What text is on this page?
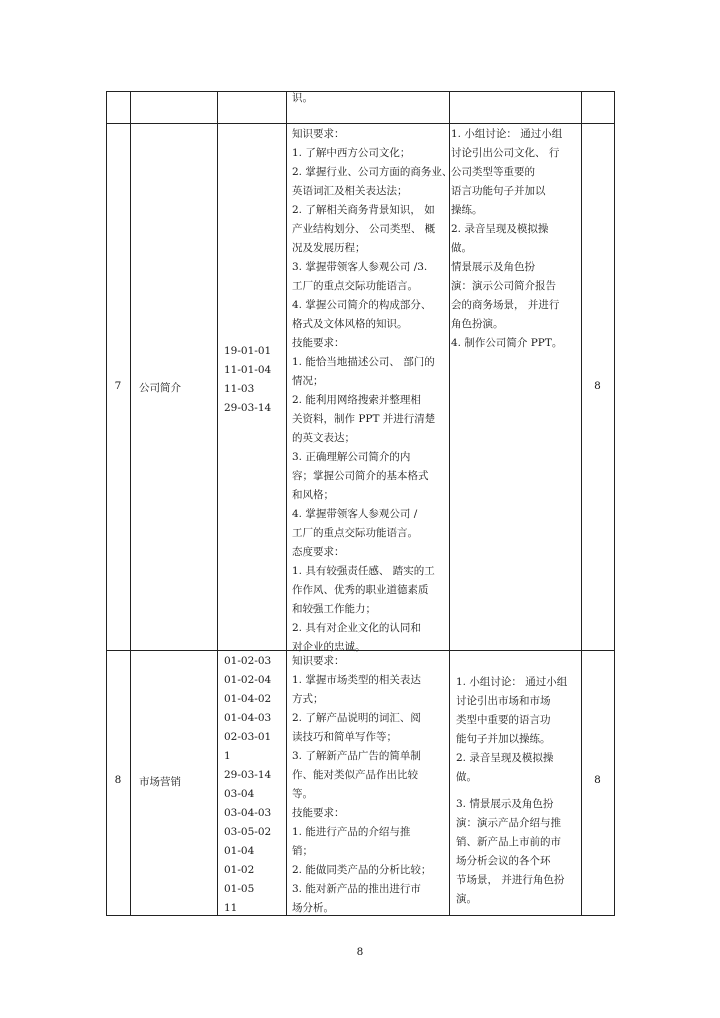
识。
7	公司简介
19-01-01
11-01-04
11-03
29-03-14
知识要求：
1. 了解中西方公司文化；
2. 掌握行业、公司方面的商务业、
英语词汇及相关表达法；
2. 了解相关商务背景知识， 如
产业结构划分、 公司类型、 概
况及发展历程；
3. 掌握带领客人参观公司 /3.
工厂的重点交际功能语言。
4. 掌握公司简介的构成部分、
格式及文体风格的知识。
技能要求：
1. 能恰当地描述公司、 部门的
情况；
2. 能利用网络搜索并整理相
关资料，制作 PPT 并进行清楚
的英文表达；
3. 正确理解公司简介的内
容；掌握公司简介的基本格式
和风格；
4. 掌握带领客人参观公司 /
工厂的重点交际功能语言。
态度要求：
1. 具有较强责任感、 踏实的工
作作风、优秀的职业道德素质
和较强工作能力；
2. 具有对企业文化的认同和
对企业的忠诚。
1. 小组讨论： 通过小组
讨论引出公司文化、 行
公司类型等重要的
语言功能句子并加以
操练。
2. 录音呈现及模拟操
做。
情景展示及角色扮
演：演示公司简介报告
会的商务场景， 并进行
角色扮演。
4. 制作公司简介 PPT。
8
8	市场营销
01-02-03
01-02-04
01-04-02
01-04-03
02-03-01
1
29-03-14
03-04
03-04-03
03-05-02
01-04
01-02
01-05
11
知识要求：
1. 掌握市场类型的相关表达
方式；
2. 了解产品说明的词汇、阅
读技巧和简单写作等；
3. 了解新产品广告的简单制
作、能对类似产品作出比较
等。
技能要求：
1. 能进行产品的介绍与推
销；
2. 能做同类产品的分析比较；
3. 能对新产品的推出进行市
场分析。
1. 小组讨论： 通过小组
讨论引出市场和市场
类型中重要的语言功
能句子并加以操练。
2. 录音呈现及模拟操
做。
3. 情景展示及角色扮
演：演示产品介绍与推
销、新产品上市前的市
场分析会议的各个环
节场景， 并进行角色扮
演。
8
8
